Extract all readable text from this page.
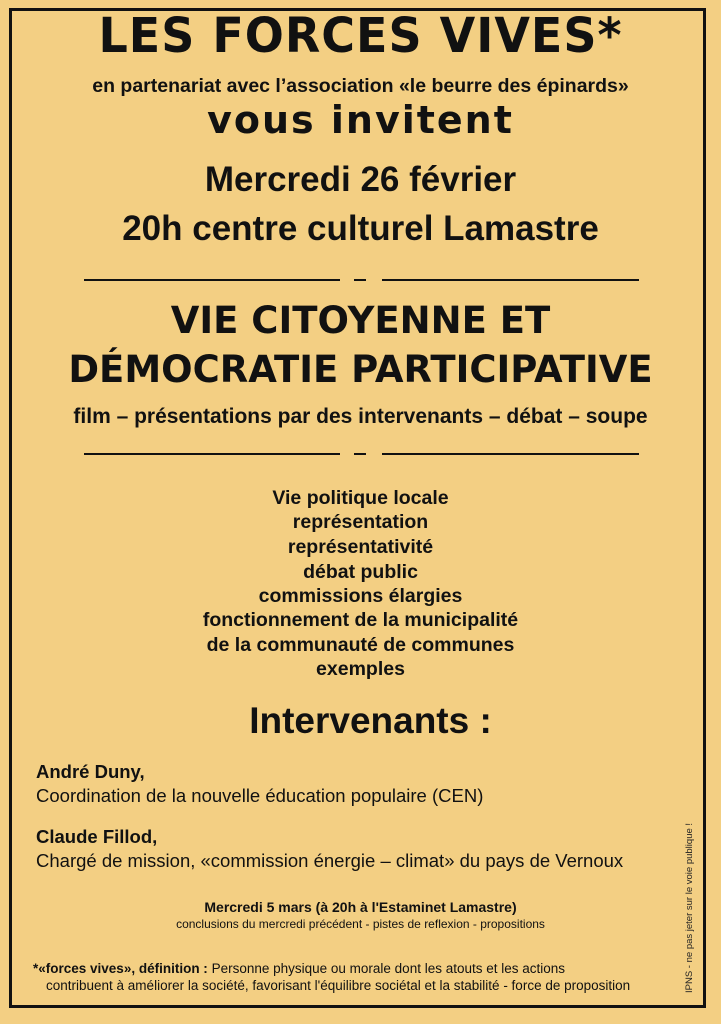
LES FORCES VIVES*
en partenariat avec l’association «le beurre des épinards»
vous invitent
Mercredi 26 février
20h centre culturel Lamastre
VIE CITOYENNE ET
DÉMOCRATIE PARTICIPATIVE
film – présentations par des intervenants – débat – soupe
Vie politique locale
représentation
représentativité
débat public
commissions élargies
fonctionnement de la municipalité
de la communauté de communes
exemples
Intervenants :
André Duny,
Coordination de la nouvelle éducation populaire (CEN)
Claude Fillod,
Chargé de mission, «commission énergie – climat» du pays de Vernoux
Mercredi 5 mars (à 20h à l'Estaminet Lamastre)
conclusions du mercredi précédent - pistes de reflexion - propositions
*«forces vives», définition : Personne physique ou morale dont les atouts et les actions
contribuent à améliorer la société, favorisant l'équilibre sociétal et la stabilité - force de proposition	IPNS - ne pas jeter sur le voie publique !
